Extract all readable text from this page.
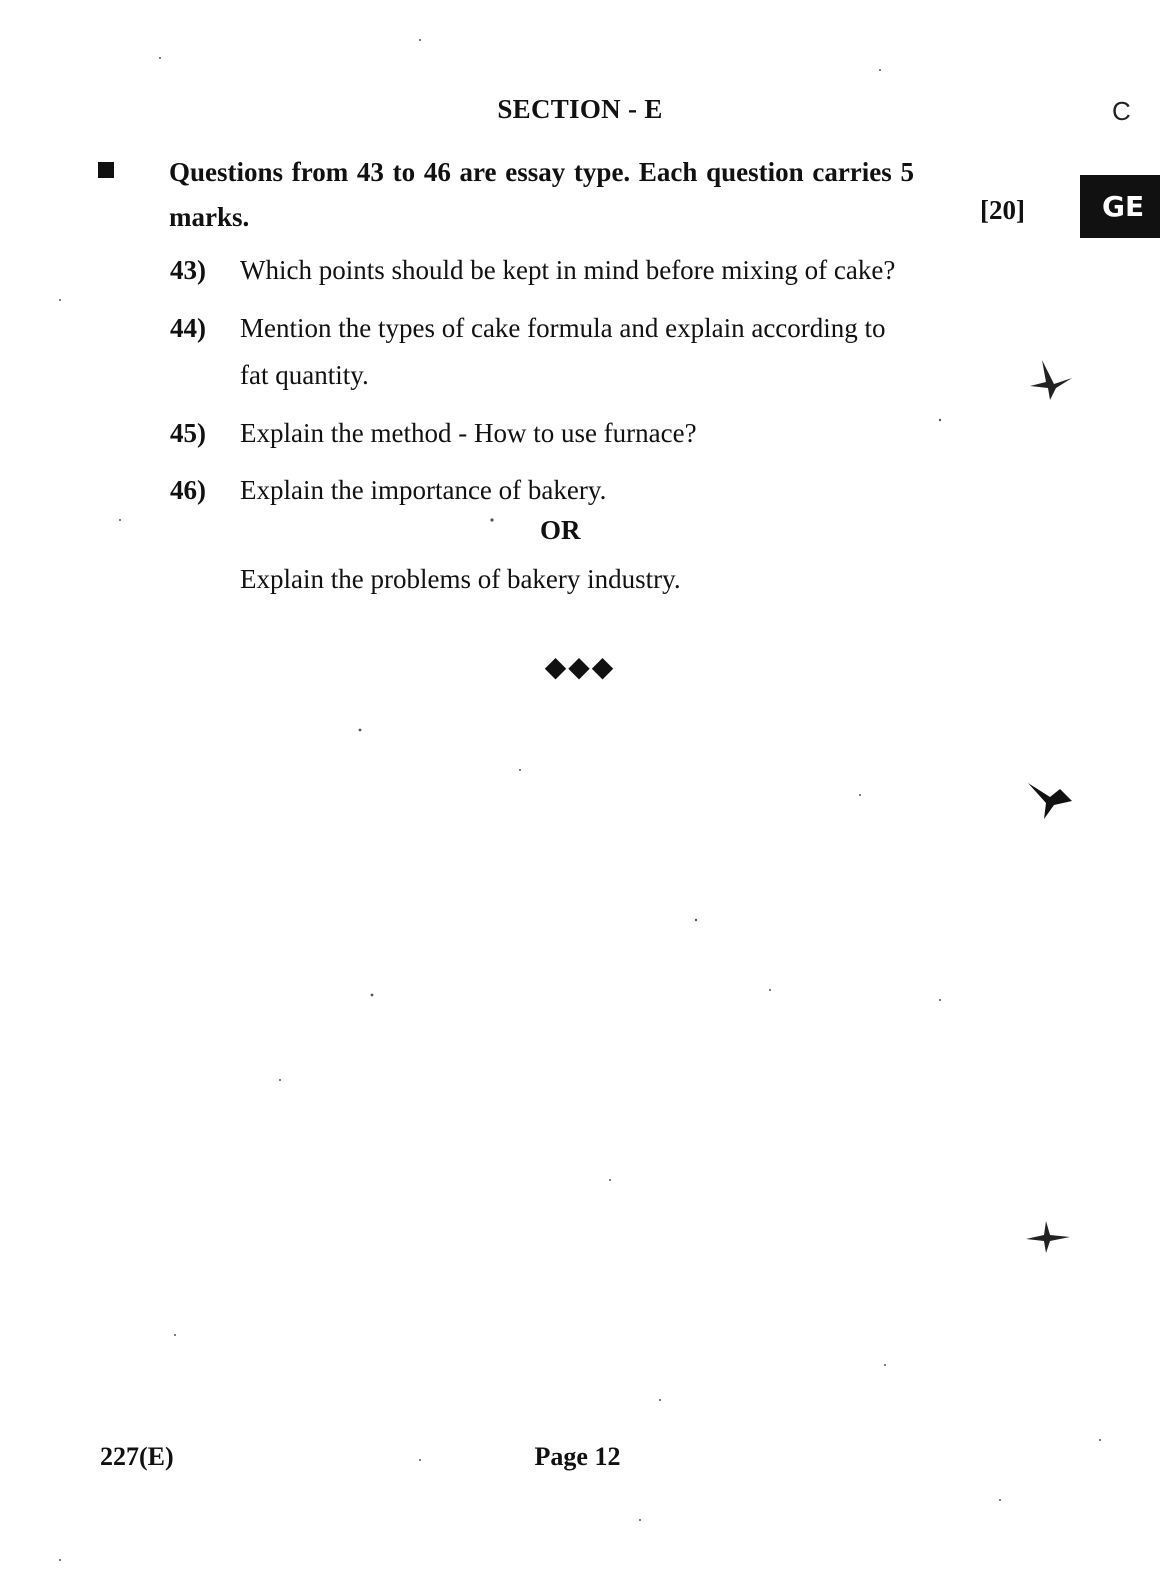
SECTION - E	C
GE
Questions from 43 to 46 are essay type. Each question carries 5 marks.	[20]
43) Which points should be kept in mind before mixing of cake?
44) Mention the types of cake formula and explain according to fat quantity.
45) Explain the method - How to use furnace?
46) Explain the importance of bakery.
OR
Explain the problems of bakery industry.
◆◆◆
227(E)	Page 12
